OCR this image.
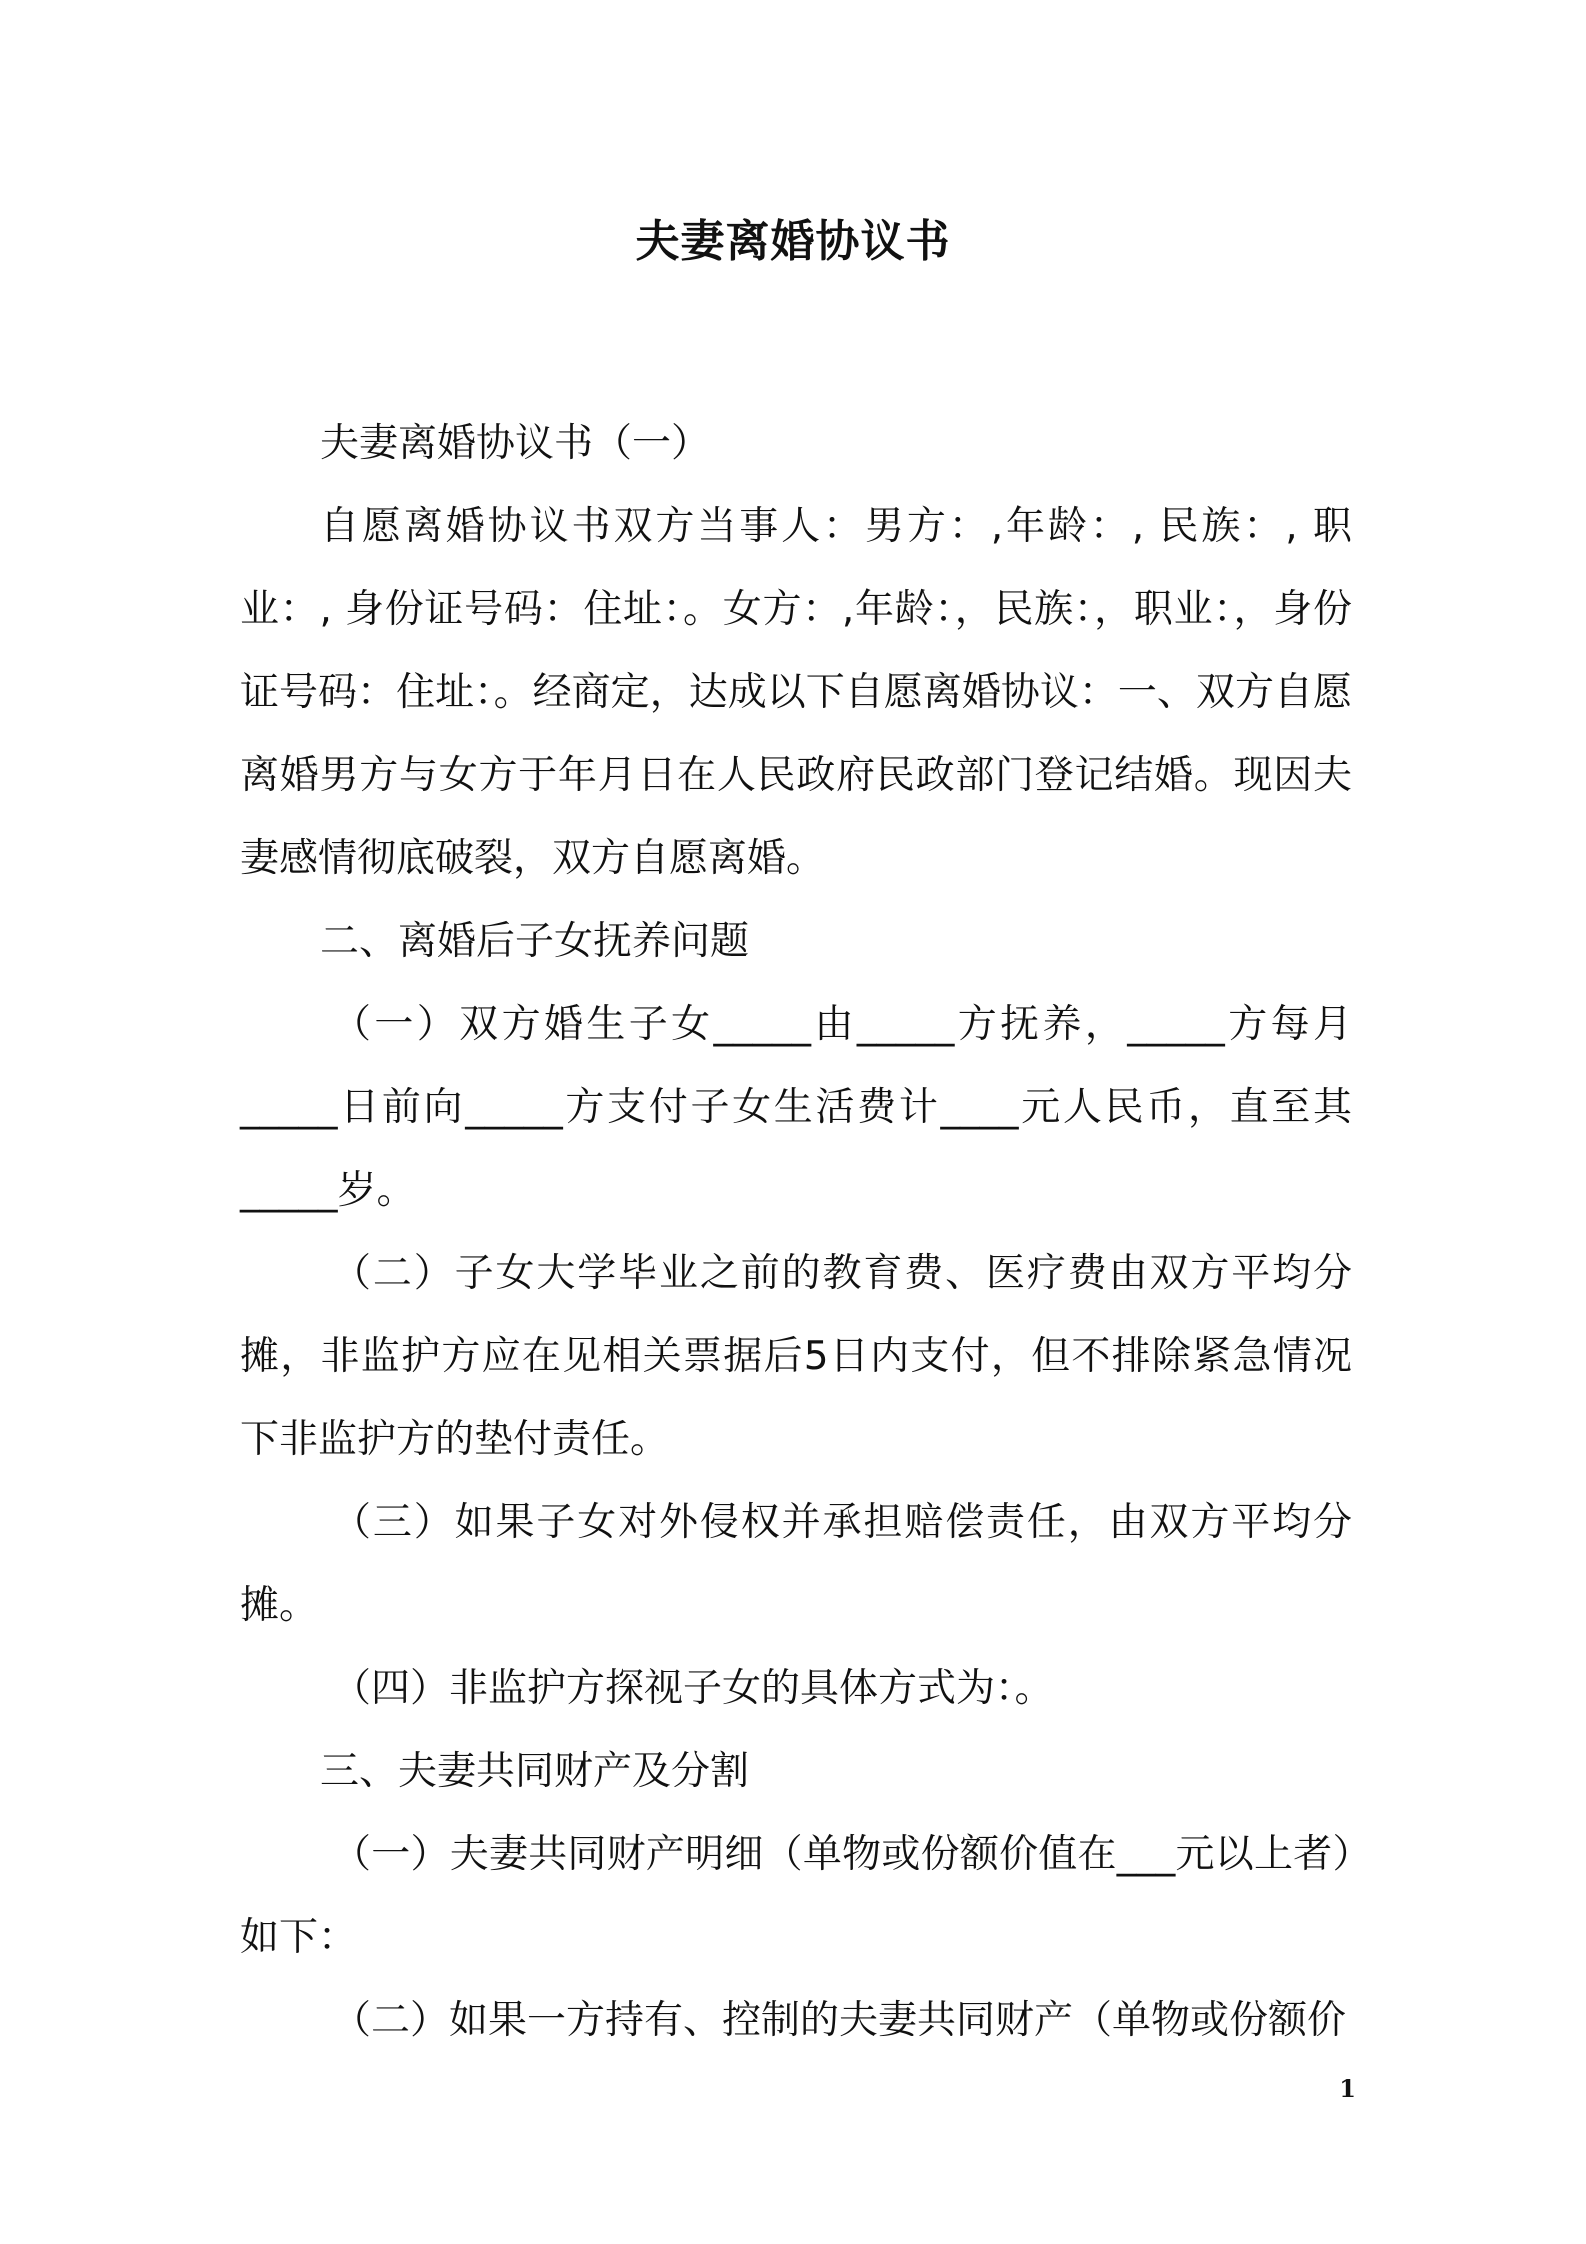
夫妻离婚协议书

夫妻离婚协议书（一）

自愿离婚协议书双方当事人：男方：,年龄：, 民族：, 职业：, 身份证号码：住址：。女方：,年龄：，民族：，职业：，身份证号码：住址：。经商定，达成以下自愿离婚协议：一、双方自愿离婚男方与女方于年月日在人民政府民政部门登记结婚。现因夫妻感情彻底破裂，双方自愿离婚。

二、离婚后子女抚养问题

（一）双方婚生子女_____由_____方抚养，_____方每月_____日前向_____方支付子女生活费计____元人民币，直至其_____岁。

（二）子女大学毕业之前的教育费、医疗费由双方平均分摊，非监护方应在见相关票据后5日内支付，但不排除紧急情况下非监护方的垫付责任。

（三）如果子女对外侵权并承担赔偿责任，由双方平均分摊。

（四）非监护方探视子女的具体方式为：。

三、夫妻共同财产及分割

（一）夫妻共同财产明细（单物或份额价值在___元以上者）如下：

（二）如果一方持有、控制的夫妻共同财产（单物或份额价

1
